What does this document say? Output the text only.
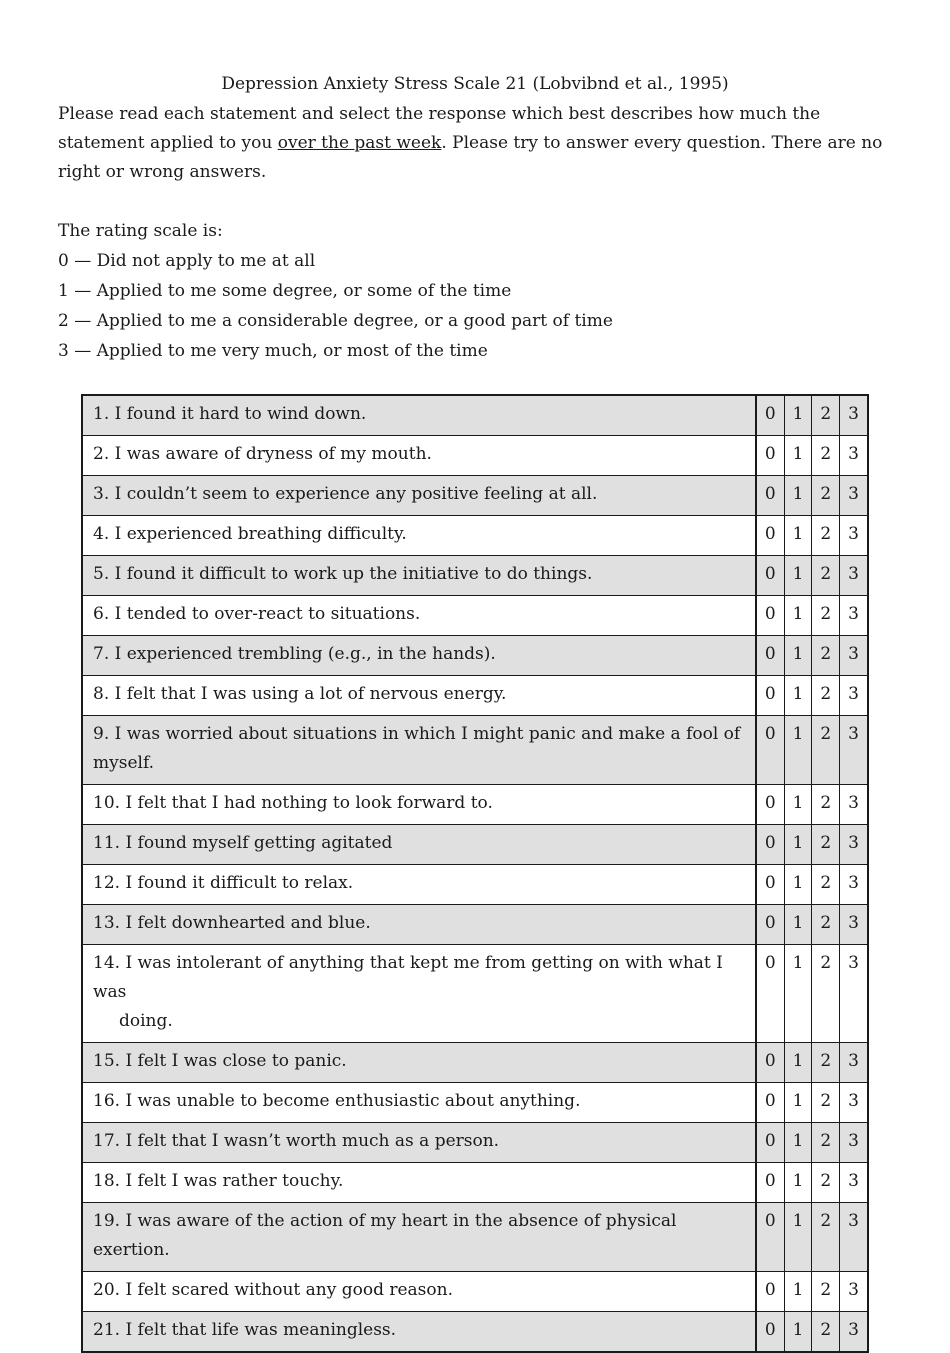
Depression Anxiety Stress Scale 21 (Lobvibnd et al., 1995)
Please read each statement and select the response which best describes how much the statement applied to you over the past week. Please try to answer every question. There are no right or wrong answers.
The rating scale is:
0 — Did not apply to me at all
1 — Applied to me some degree, or some of the time
2 — Applied to me a considerable degree, or a good part of time
3 — Applied to me very much, or most of the time
1. I found it hard to wind down.	0	1	2	3
2. I was aware of dryness of my mouth.	0	1	2	3
3. I couldn’t seem to experience any positive feeling at all.	0	1	2	3
4. I experienced breathing difficulty.	0	1	2	3
5. I found it difficult to work up the initiative to do things.	0	1	2	3
6. I tended to over-react to situations.	0	1	2	3
7. I experienced trembling (e.g., in the hands).	0	1	2	3
8. I felt that I was using a lot of nervous energy.	0	1	2	3
9. I was worried about situations in which I might panic and make a fool of
myself.	0	1	2	3
10. I felt that I had nothing to look forward to.	0	1	2	3
11. I found myself getting agitated	0	1	2	3
12. I found it difficult to relax.	0	1	2	3
13. I felt downhearted and blue.	0	1	2	3
14. I was intolerant of anything that kept me from getting on with what I was
doing.	0	1	2	3
15. I felt I was close to panic.	0	1	2	3
16. I was unable to become enthusiastic about anything.	0	1	2	3
17. I felt that I wasn’t worth much as a person.	0	1	2	3
18. I felt I was rather touchy.	0	1	2	3
19. I was aware of the action of my heart in the absence of physical exertion.	0	1	2	3
20. I felt scared without any good reason.	0	1	2	3
21. I felt that life was meaningless.	0	1	2	3
